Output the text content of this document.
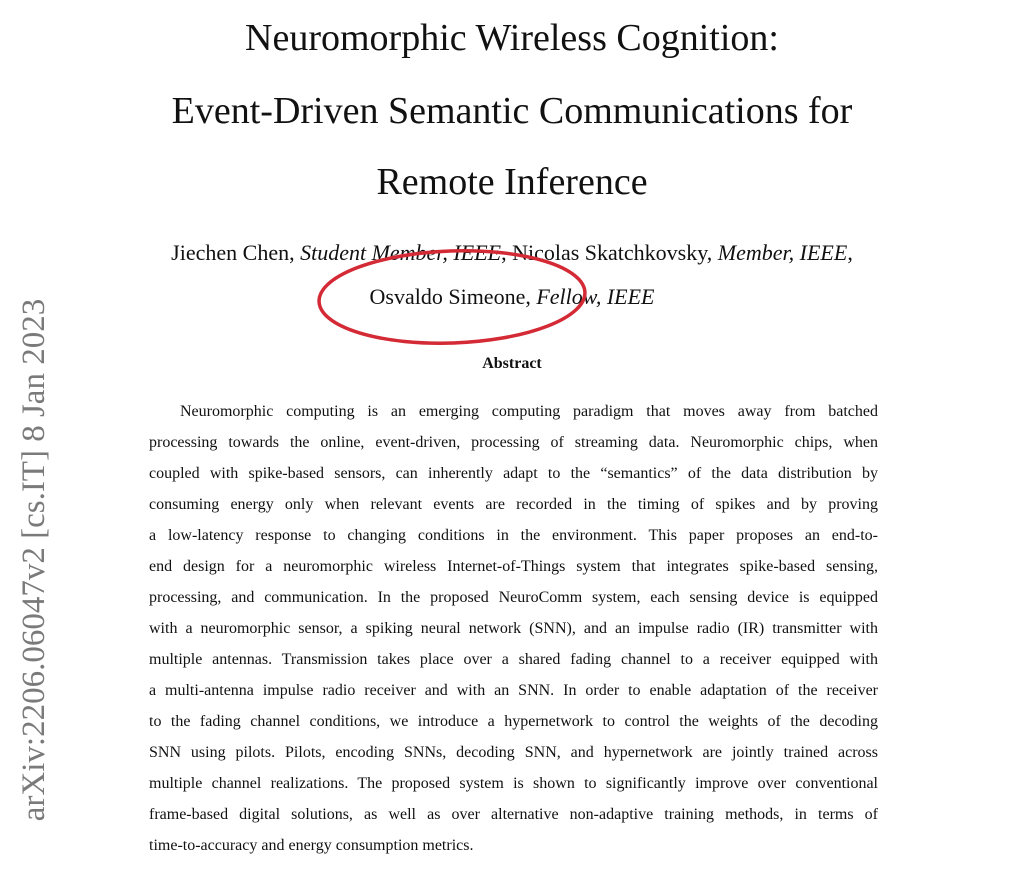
Neuromorphic Wireless Cognition:
Event-Driven Semantic Communications for
Remote Inference
Jiechen Chen, Student Member, IEEE, Nicolas Skatchkovsky, Member, IEEE,
Osvaldo Simeone, Fellow, IEEE
Abstract
Neuromorphic computing is an emerging computing paradigm that moves away from batched
processing towards the online, event-driven, processing of streaming data. Neuromorphic chips, when
coupled with spike-based sensors, can inherently adapt to the “semantics” of the data distribution by
consuming energy only when relevant events are recorded in the timing of spikes and by proving
a low-latency response to changing conditions in the environment. This paper proposes an end-to-
end design for a neuromorphic wireless Internet-of-Things system that integrates spike-based sensing,
processing, and communication. In the proposed NeuroComm system, each sensing device is equipped
with a neuromorphic sensor, a spiking neural network (SNN), and an impulse radio (IR) transmitter with
multiple antennas. Transmission takes place over a shared fading channel to a receiver equipped with
a multi-antenna impulse radio receiver and with an SNN. In order to enable adaptation of the receiver
to the fading channel conditions, we introduce a hypernetwork to control the weights of the decoding
SNN using pilots. Pilots, encoding SNNs, decoding SNN, and hypernetwork are jointly trained across
multiple channel realizations. The proposed system is shown to significantly improve over conventional
frame-based digital solutions, as well as over alternative non-adaptive training methods, in terms of
time-to-accuracy and energy consumption metrics.
arXiv:2206.06047v2 [cs.IT] 8 Jan 2023
